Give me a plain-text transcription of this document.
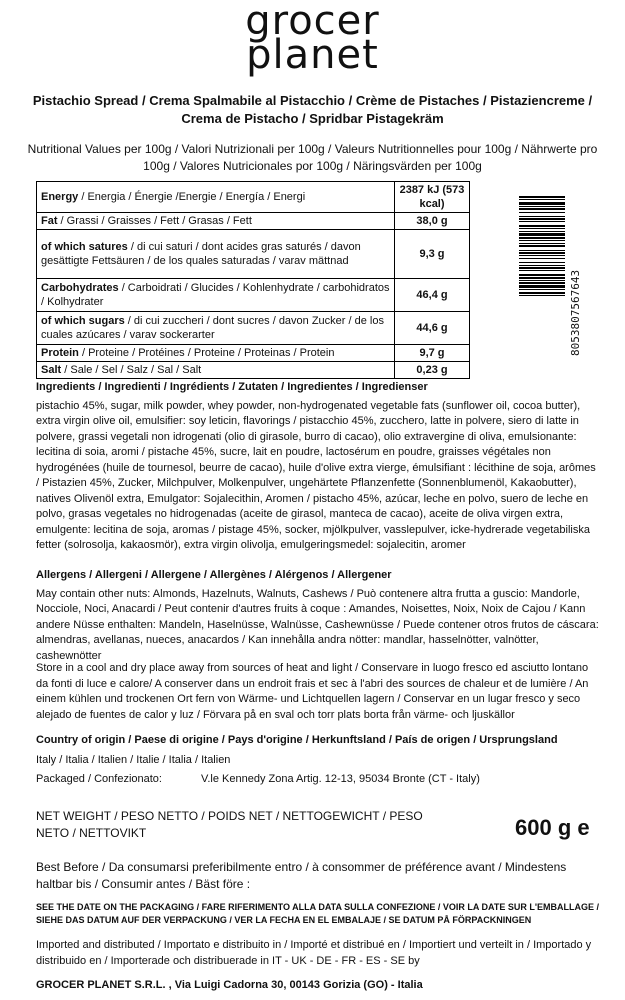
grocer
planet
Pistachio Spread / Crema Spalmabile al Pistacchio / Crème de Pistaches / Pistaziencreme / Crema de Pistacho / Spridbar Pistagekräm
Nutritional Values per 100g / Valori Nutrizionali per 100g / Valeurs Nutritionnelles pour 100g / Nährwerte pro 100g / Valores Nutricionales por 100g / Näringsvärden per 100g
Energy / Energia / Énergie /Energie / Energía / Energi	2387 kJ (573 kcal)
Fat / Grassi / Graisses / Fett / Grasas / Fett	38,0 g
of which satures / di cui saturi / dont acides gras saturés / davon gesättigte Fettsäuren / de los quales saturadas / varav mättnad	9,3 g
Carbohydrates / Carboidrati / Glucides / Kohlenhydrate / carbohidratos / Kolhydrater	46,4 g
of which sugars / di cui zuccheri / dont sucres / davon Zucker / de los cuales azúcares / varav sockerarter	44,6 g
Protein / Proteine / Protéines / Proteine / Proteinas / Protein	9,7 g
Salt / Sale / Sel / Salz / Sal / Salt	0,23 g
8053807567643
Ingredients / Ingredienti / Ingrédients / Zutaten / Ingredientes / Ingredienser
pistachio 45%, sugar, milk powder, whey powder, non-hydrogenated vegetable fats (sunflower oil, cocoa butter), extra virgin olive oil, emulsifier: soy leticin, flavorings / pistacchio 45%, zucchero, latte in polvere, siero di latte in polvere, grassi vegetali non idrogenati (olio di girasole, burro di cacao), olio extravergine di oliva, emulsionante: lecitina di soia, aromi / pistache 45%, sucre, lait en poudre, lactosérum en poudre, graisses végétales non hydrogénées (huile de tournesol, beurre de cacao), huile d'olive extra vierge, émulsifiant : lécithine de soja, arômes / Pistazien 45%, Zucker, Milchpulver, Molkenpulver, ungehärtete Pflanzenfette (Sonnenblumenöl, Kakaobutter), natives Olivenöl extra, Emulgator: Sojalecithin, Aromen / pistacho 45%, azúcar, leche en polvo, suero de leche en polvo, grasas vegetales no hidrogenadas (aceite de girasol, manteca de cacao), aceite de oliva virgen extra, emulgente: lecitina de soja, aromas / pistage 45%, socker, mjölkpulver, vasslepulver, icke-hydrerade vegetabiliska fetter (solrosolja, kakaosmör), extra virgin olivolja, emulgeringsmedel: sojalecitin, aromer
Allergens / Allergeni / Allergene / Allergènes / Alérgenos / Allergener
May contain other nuts: Almonds, Hazelnuts, Walnuts, Cashews / Può contenere altra frutta a guscio: Mandorle, Nocciole, Noci, Anacardi / Peut contenir d'autres fruits à coque : Amandes, Noisettes, Noix, Noix de Cajou / Kann andere Nüsse enthalten: Mandeln, Haselnüsse, Walnüsse, Cashewnüsse / Puede contener otros frutos de cáscara: almendras, avellanas, nueces, anacardos / Kan innehålla andra nötter: mandlar, hasselnötter, valnötter, cashewnötter
Store in a cool and dry place away from sources of heat and light / Conservare in luogo fresco ed asciutto lontano da fonti di luce e calore/ A conserver dans un endroit frais et sec à l'abri des sources de chaleur et de lumière / An einem kühlen und trockenen Ort fern von Wärme- und Lichtquellen lagern / Conservar en un lugar fresco y seco alejado de fuentes de calor y luz / Förvara på en sval och torr plats borta från värme- och ljuskällor
Country of origin / Paese di origine / Pays d'origine / Herkunftsland / País de origen / Ursprungsland
Italy / Italia / Italien / Italie / Italia / Italien
Packaged / Confezionato:	V.le Kennedy Zona Artig. 12-13, 95034 Bronte (CT - Italy)
NET WEIGHT / PESO NETTO / POIDS NET / NETTOGEWICHT / PESO NETO / NETTOVIKT	600 g e
Best Before / Da consumarsi preferibilmente entro / à consommer de préférence avant / Mindestens haltbar bis / Consumir antes / Bäst före :
SEE THE DATE ON THE PACKAGING / FARE RIFERIMENTO ALLA DATA SULLA CONFEZIONE / VOIR LA DATE SUR L'EMBALLAGE / SIEHE DAS DATUM AUF DER VERPACKUNG / VER LA FECHA EN EL EMBALAJE / SE DATUM PÅ FÖRPACKNINGEN
Imported and distributed / Importato e distribuito in / Importé et distribué en / Importiert und verteilt in / Importado y distribuido en / Importerade och distribuerade in IT - UK - DE - FR - ES - SE by
GROCER PLANET S.R.L. , Via Luigi Cadorna 30, 00143 Gorizia (GO) - Italia
